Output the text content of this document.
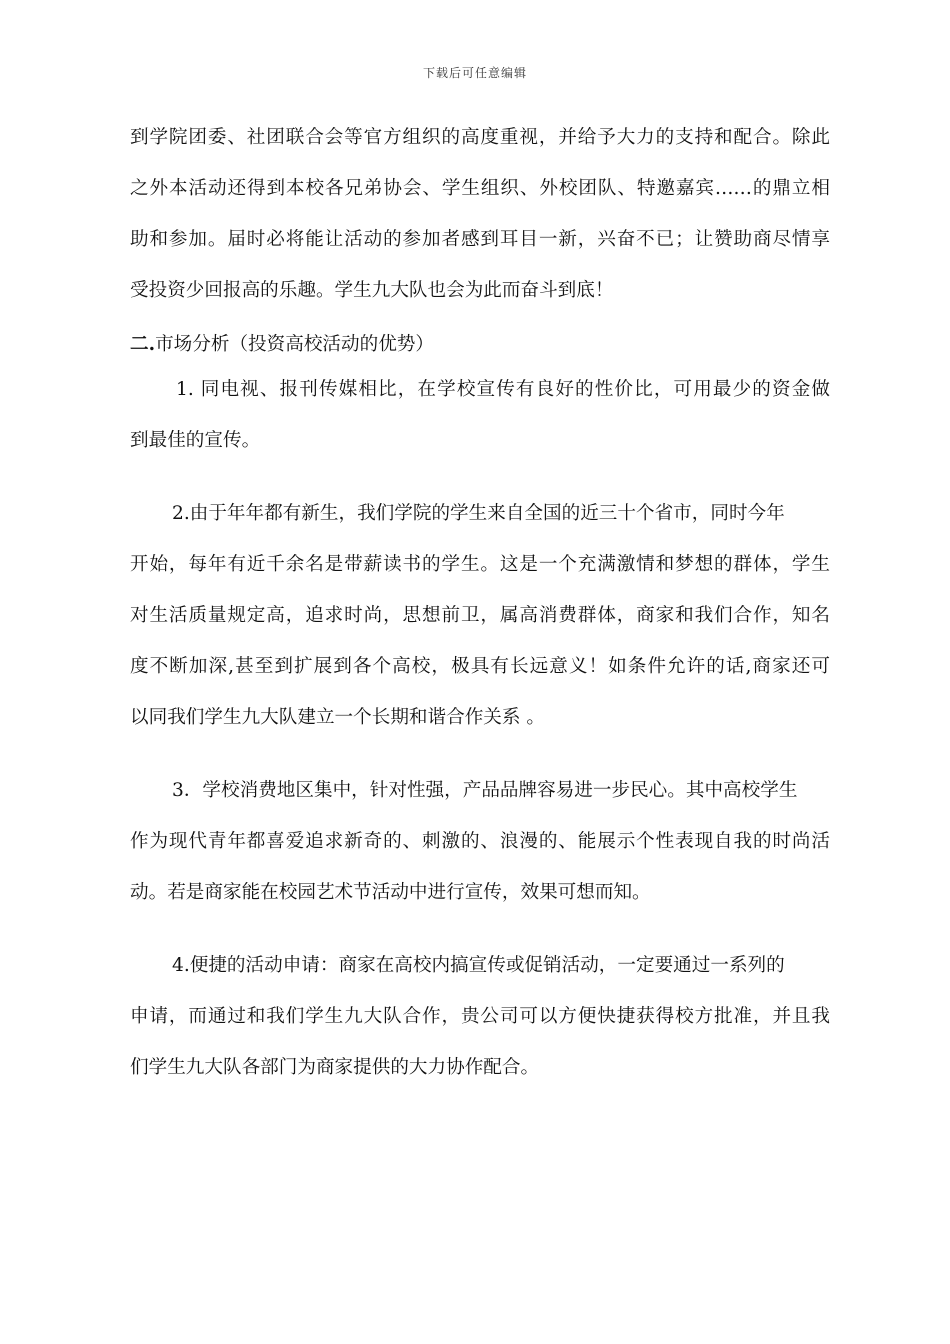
下载后可任意编辑
到学院团委、社团联合会等官方组织的高度重视，并给予大力的支持和配合。除此
之外本活动还得到本校各兄弟协会、学生组织、外校团队、特邀嘉宾……的鼎立相
助和参加。届时必将能让活动的参加者感到耳目一新，兴奋不已；让赞助商尽情享
受投资少回报高的乐趣。学生九大队也会为此而奋斗到底！
二.市场分析（投资高校活动的优势）
1. 同电视、报刊传媒相比，在学校宣传有良好的性价比，可用最少的资金做
到最佳的宣传。
2.由于年年都有新生，我们学院的学生来自全国的近三十个省市，同时今年
开始，每年有近千余名是带薪读书的学生。这是一个充满激情和梦想的群体，学生
对生活质量规定高，追求时尚，思想前卫，属高消费群体，商家和我们合作，知名
度不断加深,甚至到扩展到各个高校，极具有长远意义！如条件允许的话,商家还可
以同我们学生九大队建立一个长期和谐合作关系 。
3．学校消费地区集中，针对性强，产品品牌容易进一步民心。其中高校学生
作为现代青年都喜爱追求新奇的、刺激的、浪漫的、能展示个性表现自我的时尚活
动。若是商家能在校园艺术节活动中进行宣传，效果可想而知。
4.便捷的活动申请：商家在高校内搞宣传或促销活动，一定要通过一系列的
申请，而通过和我们学生九大队合作，贵公司可以方便快捷获得校方批准，并且我
们学生九大队各部门为商家提供的大力协作配合。
